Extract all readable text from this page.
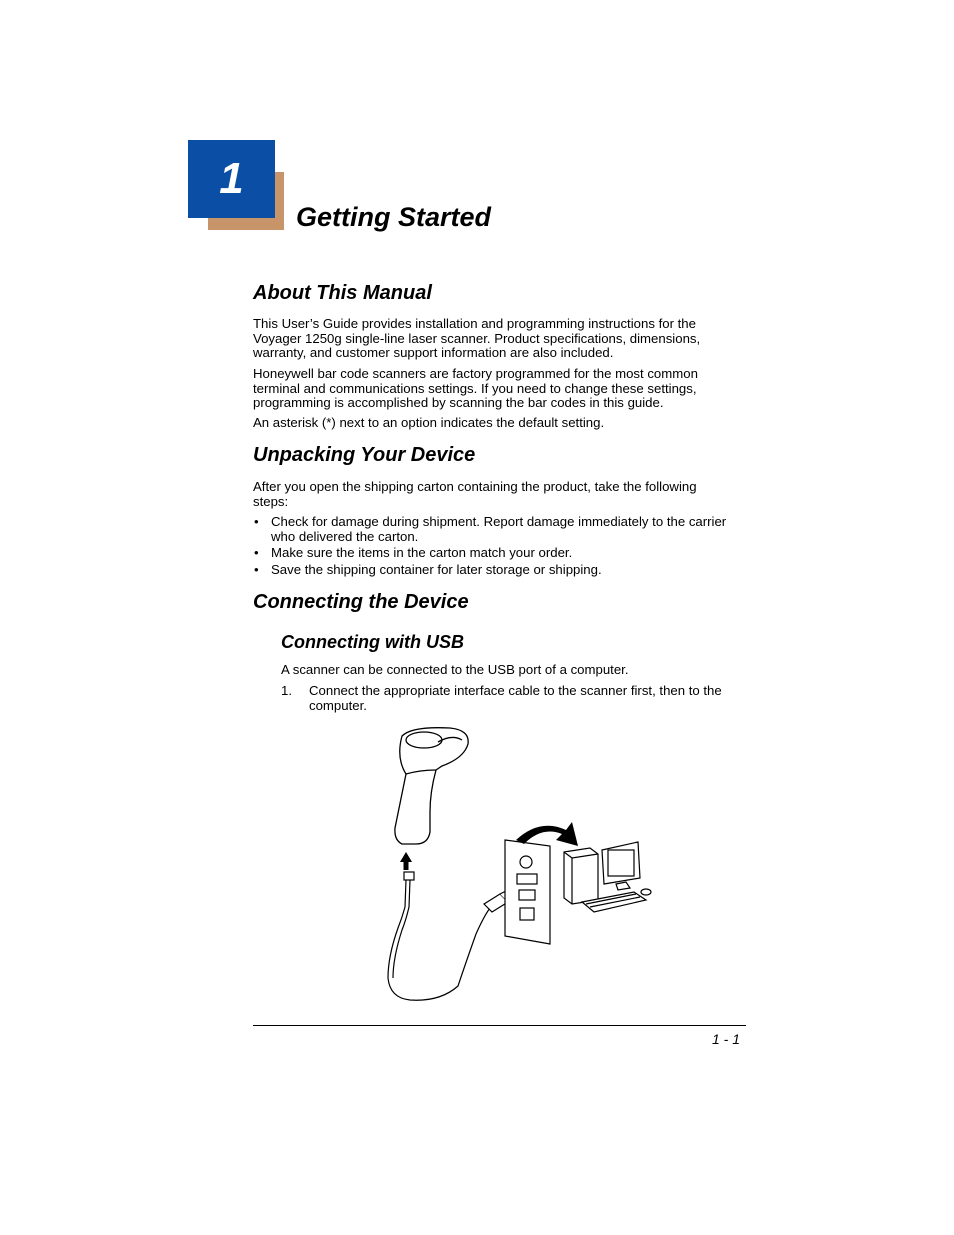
1
Getting Started
About This Manual

This User’s Guide provides installation and programming instructions for the Voyager 1250g single-line laser scanner. Product specifications, dimensions, warranty, and customer support information are also included.

Honeywell bar code scanners are factory programmed for the most common terminal and communications settings. If you need to change these settings, programming is accomplished by scanning the bar codes in this guide.

An asterisk (*) next to an option indicates the default setting.

Unpacking Your Device

After you open the shipping carton containing the product, take the following steps:

• Check for damage during shipment. Report damage immediately to the carrier who delivered the carton.
• Make sure the items in the carton match your order.
• Save the shipping container for later storage or shipping.
Connecting the Device
Connecting with USB

A scanner can be connected to the USB port of a computer.

1. Connect the appropriate interface cable to the scanner first, then to the computer.
1 - 1
